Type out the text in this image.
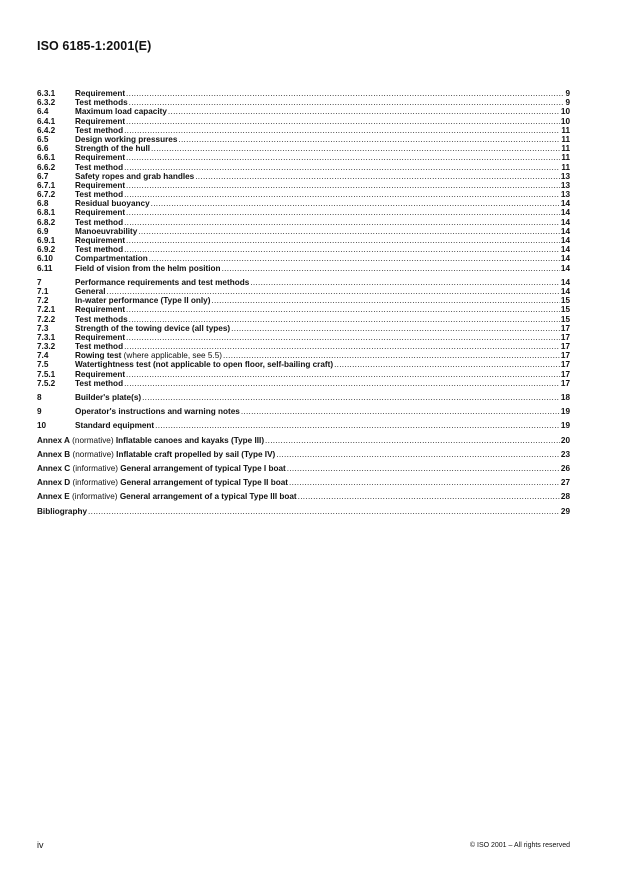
ISO 6185-1:2001(E)
6.3.1	Requirement .....	9
6.3.2	Test methods .....	9
6.4	Maximum load capacity .....	10
6.4.1	Requirement .....	10
6.4.2	Test method .....	11
6.5	Design working pressures .....	11
6.6	Strength of the hull .....	11
6.6.1	Requirement .....	11
6.6.2	Test method .....	11
6.7	Safety ropes and grab handles .....	13
6.7.1	Requirement .....	13
6.7.2	Test method .....	13
6.8	Residual buoyancy .....	14
6.8.1	Requirement .....	14
6.8.2	Test method .....	14
6.9	Manoeuvrability .....	14
6.9.1	Requirement .....	14
6.9.2	Test method .....	14
6.10	Compartmentation .....	14
6.11	Field of vision from the helm position .....	14
7	Performance requirements and test methods .....	14
7.1	General .....	14
7.2	In-water performance (Type II only) .....	15
7.2.1	Requirement .....	15
7.2.2	Test methods .....	15
7.3	Strength of the towing device (all types) .....	17
7.3.1	Requirement .....	17
7.3.2	Test method .....	17
7.4	Rowing test (where applicable, see 5.5) .....	17
7.5	Watertightness test (not applicable to open floor, self-bailing craft) .....	17
7.5.1	Requirement .....	17
7.5.2	Test method .....	17
8	Builder's plate(s) .....	18
9	Operator's instructions and warning notes .....	19
10	Standard equipment .....	19
Annex A (normative) Inflatable canoes and kayaks (Type III) .....	20
Annex B (normative) Inflatable craft propelled by sail (Type IV) .....	23
Annex C (informative) General arrangement of typical Type I boat .....	26
Annex D (informative) General arrangement of typical Type II boat .....	27
Annex E (informative) General arrangement of a typical Type III boat .....	28
Bibliography .....	29
iv	© ISO 2001 – All rights reserved
